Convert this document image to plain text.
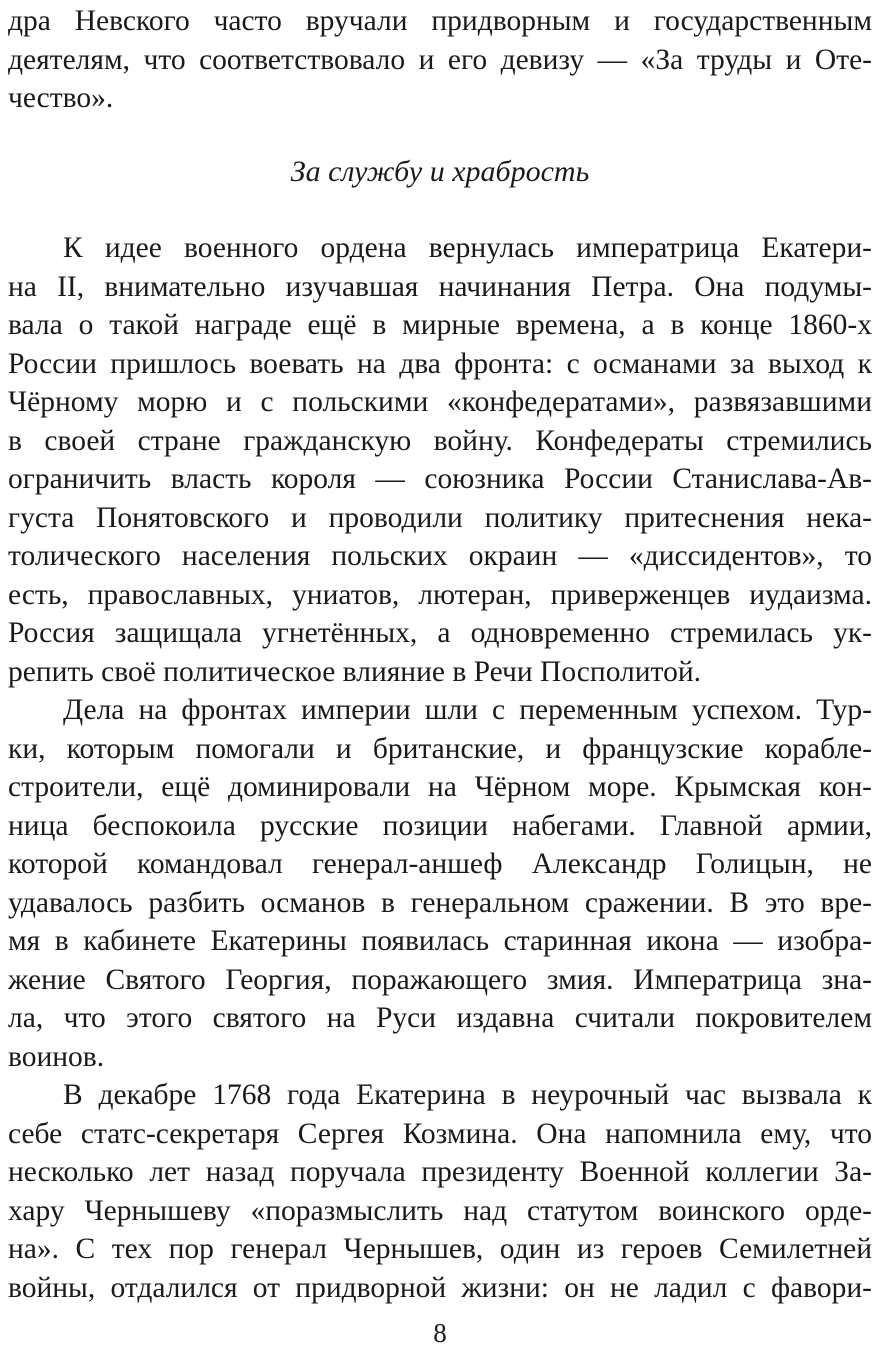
дра Невского часто вручали придворным и государственным
деятелям, что соответствовало и его девизу — «За труды и Оте-
чество».
За службу и храбрость
К идее военного ордена вернулась императрица Екатери-
на II, внимательно изучавшая начинания Петра. Она подумы-
вала о такой награде ещё в мирные времена, а в конце 1860-х
России пришлось воевать на два фронта: с османами за выход к
Чёрному морю и с польскими «конфедератами», развязавшими
в своей стране гражданскую войну. Конфедераты стремились
ограничить власть короля — союзника России Станислава-Ав-
густа Понятовского и проводили политику притеснения нека-
толического населения польских окраин — «диссидентов», то
есть, православных, униатов, лютеран, приверженцев иудаизма.
Россия защищала угнетённых, а одновременно стремилась ук-
репить своё политическое влияние в Речи Посполитой.
Дела на фронтах империи шли с переменным успехом. Тур-
ки, которым помогали и британские, и французские кораблe-
строители, ещё доминировали на Чёрном море. Крымская кон-
ница беспокоила русские позиции набегами. Главной армии,
которой командовал генерал-аншеф Александр Голицын, не
удавалось разбить османов в генеральном сражении. В это вре-
мя в кабинете Екатерины появилась старинная икона — изобра-
жение Святого Георгия, поражающего змия. Императрица зна-
ла, что этого святого на Руси издавна считали покровителем
воинов.
В декабре 1768 года Екатерина в неурочный час вызвала к
себе статс-секретаря Сергея Козмина. Она напомнила ему, что
несколько лет назад поручала президенту Военной коллегии За-
хару Чернышеву «поразмыслить над статутом воинского орде-
на». С тех пор генерал Чернышев, один из героев Семилетней
войны, отдалился от придворной жизни: он не ладил с фавори-
8
